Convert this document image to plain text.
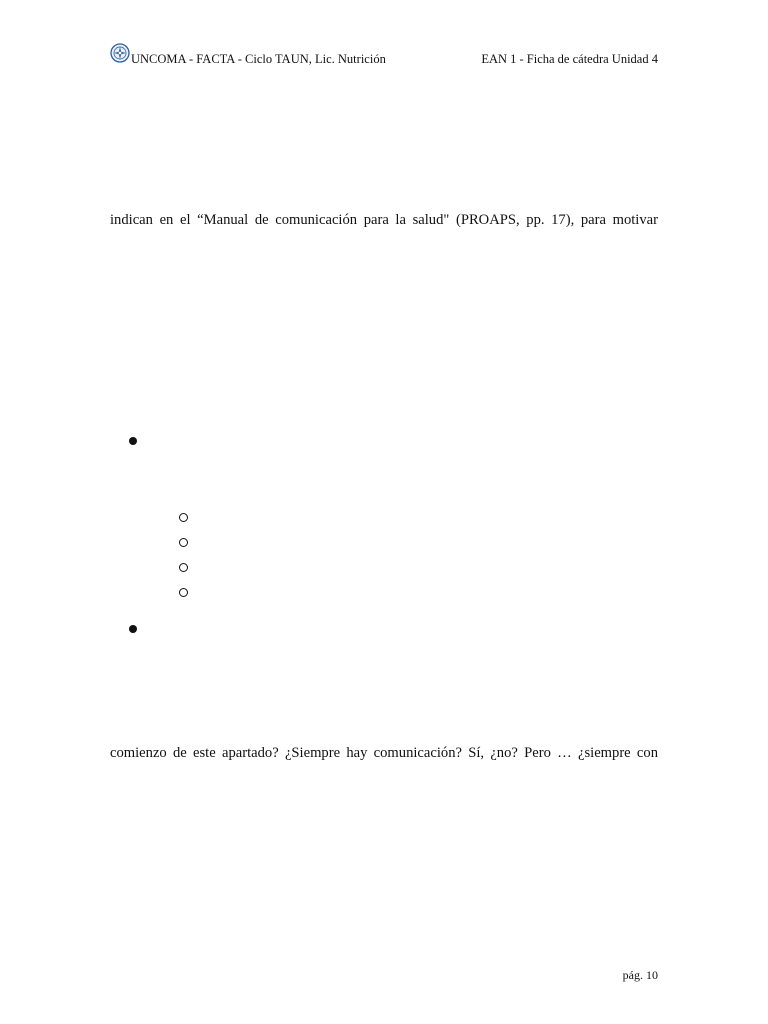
UNCOMA - FACTA - Ciclo TAUN, Lic. Nutrición	EAN 1 - Ficha de cátedra Unidad 4
indican en el “Manual de comunicación para la salud" (PROAPS, pp. 17), para motivar
comienzo de este apartado? ¿Siempre hay comunicación? Sí, ¿no? Pero … ¿siempre con
pág. 10
